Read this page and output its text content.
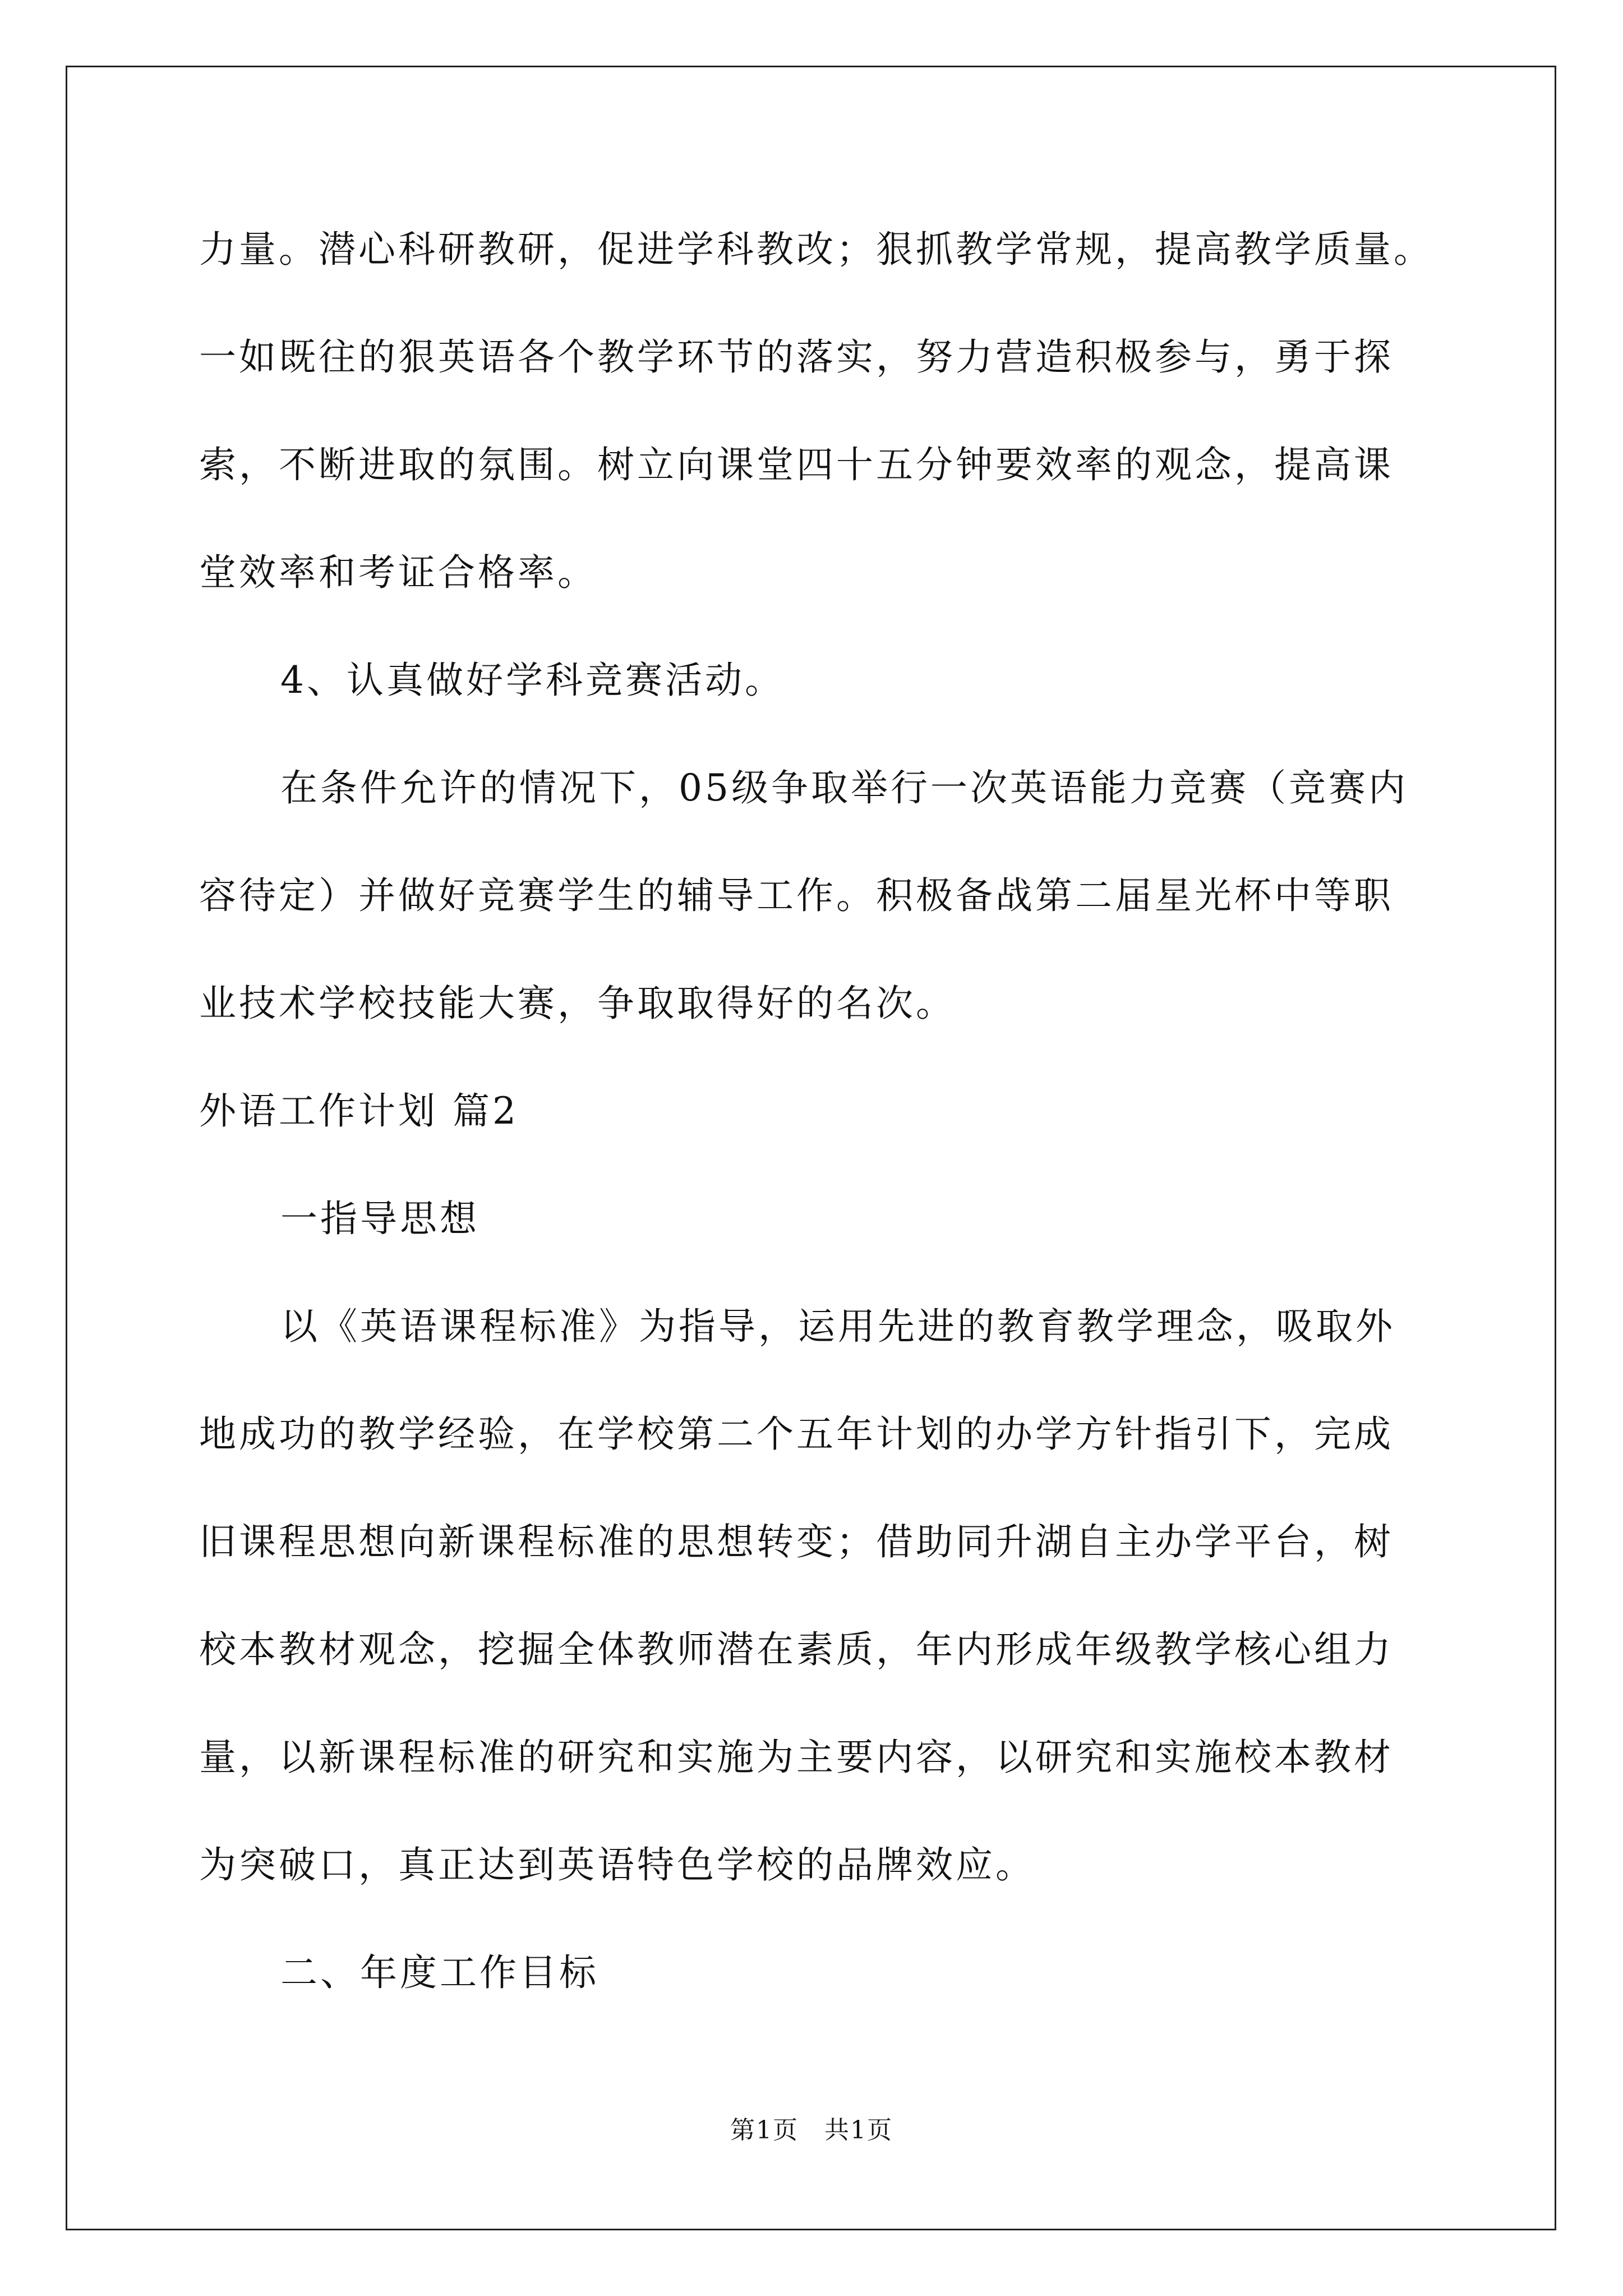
力量。潜心科研教研，促进学科教改；狠抓教学常规，提高教学质量。
一如既往的狠英语各个教学环节的落实，努力营造积极参与，勇于探
索，不断进取的氛围。树立向课堂四十五分钟要效率的观念，提高课
堂效率和考证合格率。
4、认真做好学科竞赛活动。
在条件允许的情况下，05级争取举行一次英语能力竞赛（竞赛内
容待定）并做好竞赛学生的辅导工作。积极备战第二届星光杯中等职
业技术学校技能大赛，争取取得好的名次。
外语工作计划 篇2
一指导思想
以《英语课程标准》为指导，运用先进的教育教学理念，吸取外
地成功的教学经验，在学校第二个五年计划的办学方针指引下，完成
旧课程思想向新课程标准的思想转变；借助同升湖自主办学平台，树
校本教材观念，挖掘全体教师潜在素质，年内形成年级教学核心组力
量，以新课程标准的研究和实施为主要内容，以研究和实施校本教材
为突破口，真正达到英语特色学校的品牌效应。
二、年度工作目标
第1页　共1页
